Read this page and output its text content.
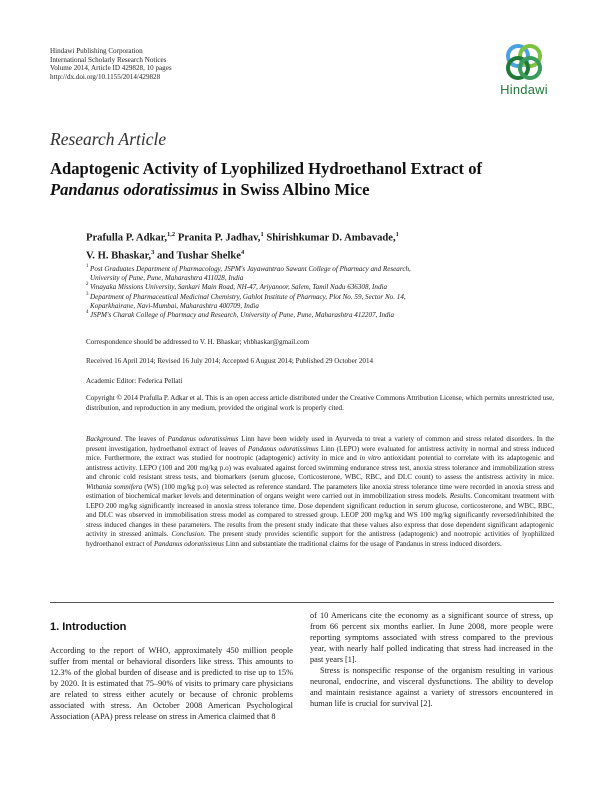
Hindawi Publishing Corporation
International Scholarly Research Notices
Volume 2014, Article ID 429828, 10 pages
http://dx.doi.org/10.1155/2014/429828
Hindawi
Research Article
Adaptogenic Activity of Lyophilized Hydroethanol Extract of
Pandanus odoratissimus in Swiss Albino Mice
Prafulla P. Adkar,$^{1,2}$ Pranita P. Jadhav,$^1$ Shirishkumar D. Ambavade,$^1$
V. H. Bhaskar,$^3$ and Tushar Shelke$^4$
1 Post Graduates Department of Pharmacology, JSPM's Jayawantrao Sawant College of Pharmacy and Research,
University of Pune, Pune, Maharashtra 411028, India
2 Vinayaka Missions University, Sankari Main Road, NH-47, Ariyanoor, Salem, Tamil Nadu 636308, India
3 Department of Pharmaceutical Medicinal Chemistry, Gahlot Institute of Pharmacy, Plot No. 59, Sector No. 14,
Koparkhairane, Navi-Mumbai, Maharashtra 400709, India
4 JSPM's Charak College of Pharmacy and Research, University of Pune, Pune, Maharashtra 412207, India
Correspondence should be addressed to V. H. Bhaskar; vhbhaskar@gmail.com
Received 16 April 2014; Revised 16 July 2014; Accepted 6 August 2014; Published 29 October 2014
Academic Editor: Federica Pellati
Copyright © 2014 Prafulla P. Adkar et al. This is an open access article distributed under the Creative Commons Attribution License, which permits unrestricted use, distribution, and reproduction in any medium, provided the original work is properly cited.
Background. The leaves of Pandanus odoratissimus Linn have been widely used in Ayurveda to treat a variety of common and stress related disorders. In the present investigation, hydroethanol extract of leaves of Pandanus odoratissimus Linn (LEPO) were evaluated for antistress activity in normal and stress induced mice. Furthermore, the extract was studied for nootropic (adaptogenic) activity in mice and in vitro antioxidant potential to correlate with its adaptogenic and antistress activity. LEPO (100 and 200 mg/kg p.o) was evaluated against forced swimming endurance stress test, anoxia stress tolerance and immobilization stress and chronic cold resistant stress tests, and biomarkers (serum glucose, Corticosterone, WBC, RBC, and DLC count) to assess the antistress activity in mice. Withania somnifera (WS) (100 mg/kg p.o) was selected as reference standard. The parameters like anoxia stress tolerance time were recorded in anoxia stress and estimation of biochemical marker levels and determination of organs weight were carried out in immobilization stress models. Results. Concomitant treatment with LEPO 200 mg/kg significantly increased in anoxia stress tolerance time. Dose dependent significant reduction in serum glucose, corticosterone, and WBC, RBC, and DLC was observed in immobilisation stress model as compared to stressed group. LEOP 200 mg/kg and WS 100 mg/kg significantly reversed/inhibited the stress induced changes in these parameters. The results from the present study indicate that these values also express that dose dependent significant adaptogenic activity in stressed animals. Conclusion. The present study provides scientific support for the antistress (adaptogenic) and nootropic activities of lyophilized hydroethanol extract of Pandanus odoratissimus Linn and substantiate the traditional claims for the usage of Pandanus in stress induced disorders.
1. Introduction

According to the report of WHO, approximately 450 million people suffer from mental or behavioral disorders like stress. This amounts to 12.3% of the global burden of disease and is predicted to rise up to 15% by 2020. It is estimated that 75–90% of visits to primary care physicians are related to stress either acutely or because of chronic problems associated with stress. An October 2008 American Psychological Association (APA) press release on stress in America claimed that 8

of 10 Americans cite the economy as a significant source of stress, up from 66 percent six months earlier. In June 2008, more people were reporting symptoms associated with stress compared to the previous year, with nearly half polled indicating that stress had increased in the past years [1].

Stress is nonspecific response of the organism resulting in various neuronal, endocrine, and visceral dysfunctions. The ability to develop and maintain resistance against a variety of stressors encountered in human life is crucial for survival [2].
